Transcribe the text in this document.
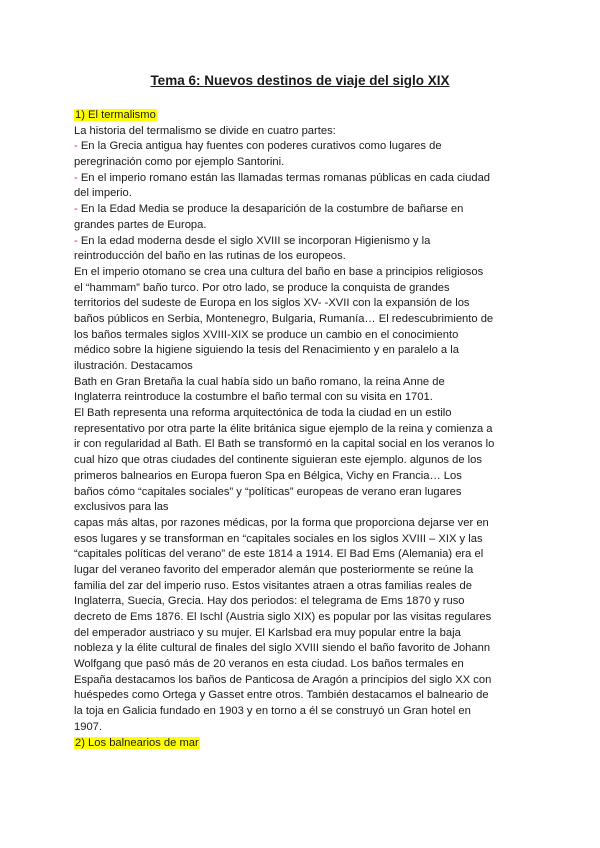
Tema 6: Nuevos destinos de viaje del siglo XIX
1) El termalismo
La historia del termalismo se divide en cuatro partes:
- En la Grecia antigua hay fuentes con poderes curativos como lugares de
peregrinación como por ejemplo Santorini.
- En el imperio romano están las llamadas termas romanas públicas en cada ciudad
del imperio.
- En la Edad Media se produce la desaparición de la costumbre de bañarse en
grandes partes de Europa.
- En la edad moderna desde el siglo XVIII se incorporan Higienismo y la
reintroducción del baño en las rutinas de los europeos.
En el imperio otomano se crea una cultura del baño en base a principios religiosos
el “hammam” baño turco. Por otro lado, se produce la conquista de grandes
territorios del sudeste de Europa en los siglos XV- -XVII con la expansión de los
baños públicos en Serbia, Montenegro, Bulgaria, Rumanía… El redescubrimiento de
los baños termales siglos XVIII-XIX se produce un cambio en el conocimiento
médico sobre la higiene siguiendo la tesis del Renacimiento y en paralelo a la
ilustración. Destacamos
Bath en Gran Bretaña la cual había sido un baño romano, la reina Anne de
Inglaterra reintroduce la costumbre el baño termal con su visita en 1701.
El Bath representa una reforma arquitectónica de toda la ciudad en un estilo
representativo por otra parte la élite británica sigue ejemplo de la reina y comienza a
ir con regularidad al Bath. El Bath se transformó en la capital social en los veranos lo
cual hizo que otras ciudades del continente siguieran este ejemplo. algunos de los
primeros balnearios en Europa fueron Spa en Bélgica, Vichy en Francia… Los
baños cómo “capitales sociales” y “políticas” europeas de verano eran lugares
exclusivos para las
capas más altas, por razones médicas, por la forma que proporciona dejarse ver en
esos lugares y se transforman en “capitales sociales en los siglos XVIII – XIX y las
“capitales políticas del verano” de este 1814 a 1914. El Bad Ems (Alemania) era el
lugar del veraneo favorito del emperador alemán que posteriormente se reúne la
familia del zar del imperio ruso. Estos visitantes atraen a otras familias reales de
Inglaterra, Suecia, Grecia. Hay dos periodos: el telegrama de Ems 1870 y ruso
decreto de Ems 1876. El Ischl (Austria siglo XIX) es popular por las visitas regulares
del emperador austriaco y su mujer. El Karlsbad era muy popular entre la baja
nobleza y la élite cultural de finales del siglo XVIII siendo el baño favorito de Johann
Wolfgang que pasó más de 20 veranos en esta ciudad. Los baños termales en
España destacamos los baños de Panticosa de Aragón a principios del siglo XX con
huéspedes como Ortega y Gasset entre otros. También destacamos el balneario de
la toja en Galicia fundado en 1903 y en torno a él se construyó un Gran hotel en
1907.
2) Los balnearios de mar
